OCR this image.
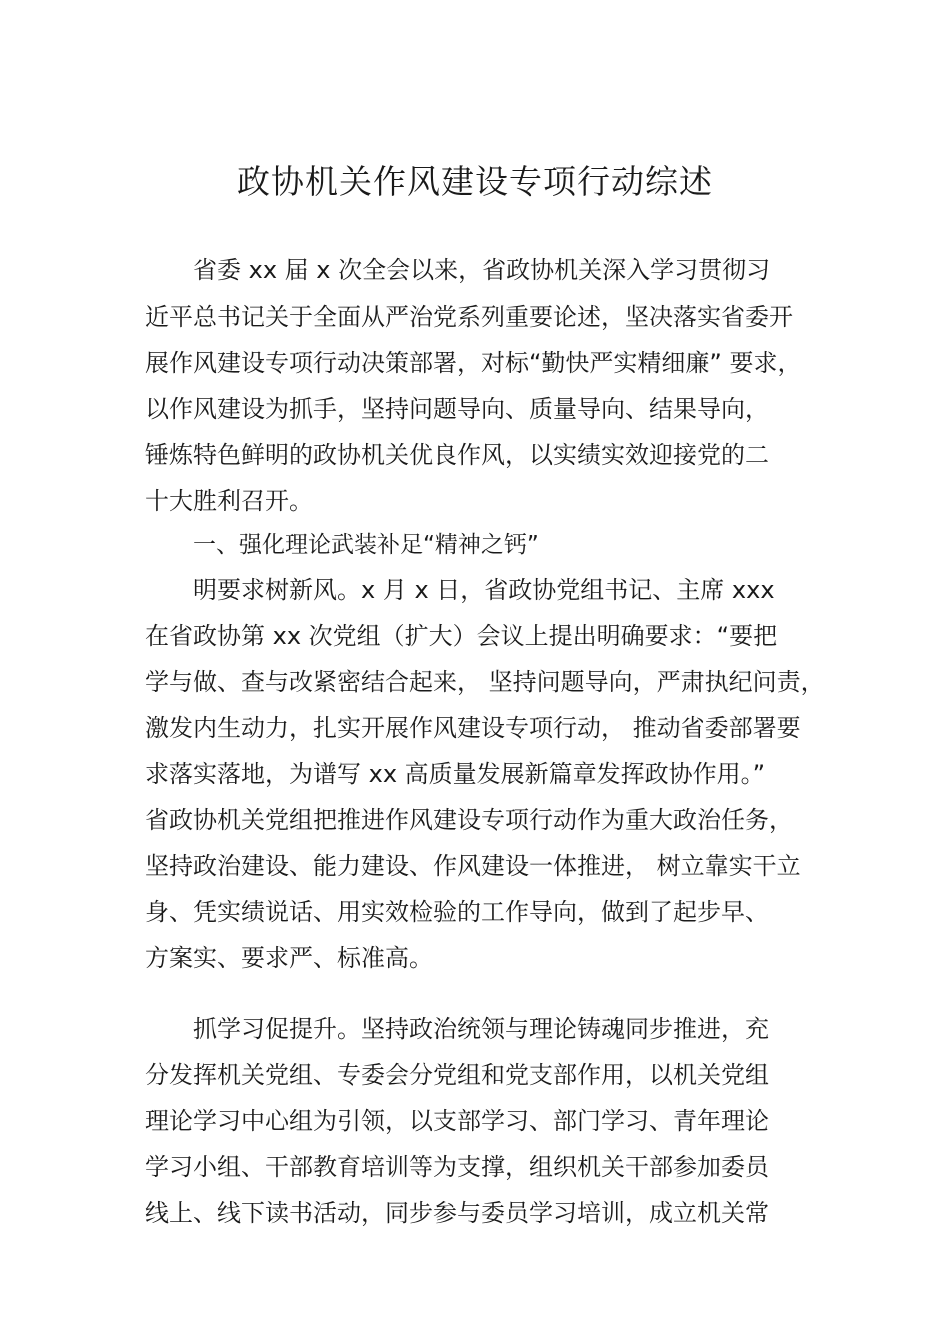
政协机关作风建设专项行动综述
省委 xx 届 x 次全会以来，省政协机关深入学习贯彻习
近平总书记关于全面从严治党系列重要论述，坚决落实省委开
展作风建设专项行动决策部署，对标“勤快严实精细廉” 要求，
以作风建设为抓手，坚持问题导向、质量导向、结果导向，
锤炼特色鲜明的政协机关优良作风，以实绩实效迎接党的二
十大胜利召开。
一、强化理论武装补足“精神之钙”
明要求树新风。x 月 x 日，省政协党组书记、主席 xxx
在省政协第 xx 次党组（扩大）会议上提出明确要求：“要把
学与做、查与改紧密结合起来， 坚持问题导向，严肃执纪问责，
激发内生动力，扎实开展作风建设专项行动， 推动省委部署要
求落实落地，为谱写 xx 高质量发展新篇章发挥政协作用。”
省政协机关党组把推进作风建设专项行动作为重大政治任务，
坚持政治建设、能力建设、作风建设一体推进， 树立靠实干立
身、凭实绩说话、用实效检验的工作导向，做到了起步早、
方案实、要求严、标准高。
抓学习促提升。坚持政治统领与理论铸魂同步推进，充
分发挥机关党组、专委会分党组和党支部作用，以机关党组
理论学习中心组为引领，以支部学习、部门学习、青年理论
学习小组、干部教育培训等为支撑，组织机关干部参加委员
线上、线下读书活动，同步参与委员学习培训，成立机关常
